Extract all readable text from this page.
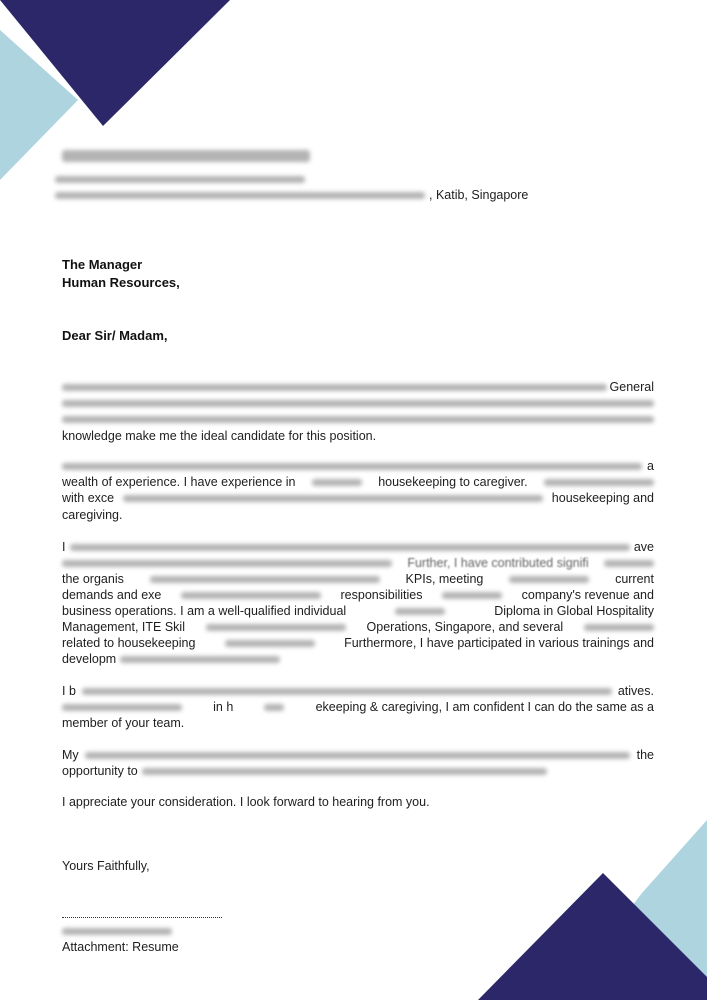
, Katib, Singapore
The Manager
Human Resources,
Dear Sir/ Madam,
General
knowledge make me the ideal candidate for this position.
a
wealth of experience. I have experience in	housekeeping to caregiver.
with exce	housekeeping and
caregiving.
I	ave
Further, I have contributed signifi
the organis	KPIs, meeting	current
demands and exe	responsibilities	company's revenue and
business operations. I am a well-qualified individual	Diploma in Global Hospitality
Management, ITE Skil	Operations, Singapore, and several
related to housekeeping	Furthermore, I have participated in various trainings and
developm
I b	atives.
in h	ekeeping & caregiving, I am confident I can do the same as a
member of your team.
My	the
opportunity to
I appreciate your consideration. I look forward to hearing from you.
Yours Faithfully,
Attachment: Resume
